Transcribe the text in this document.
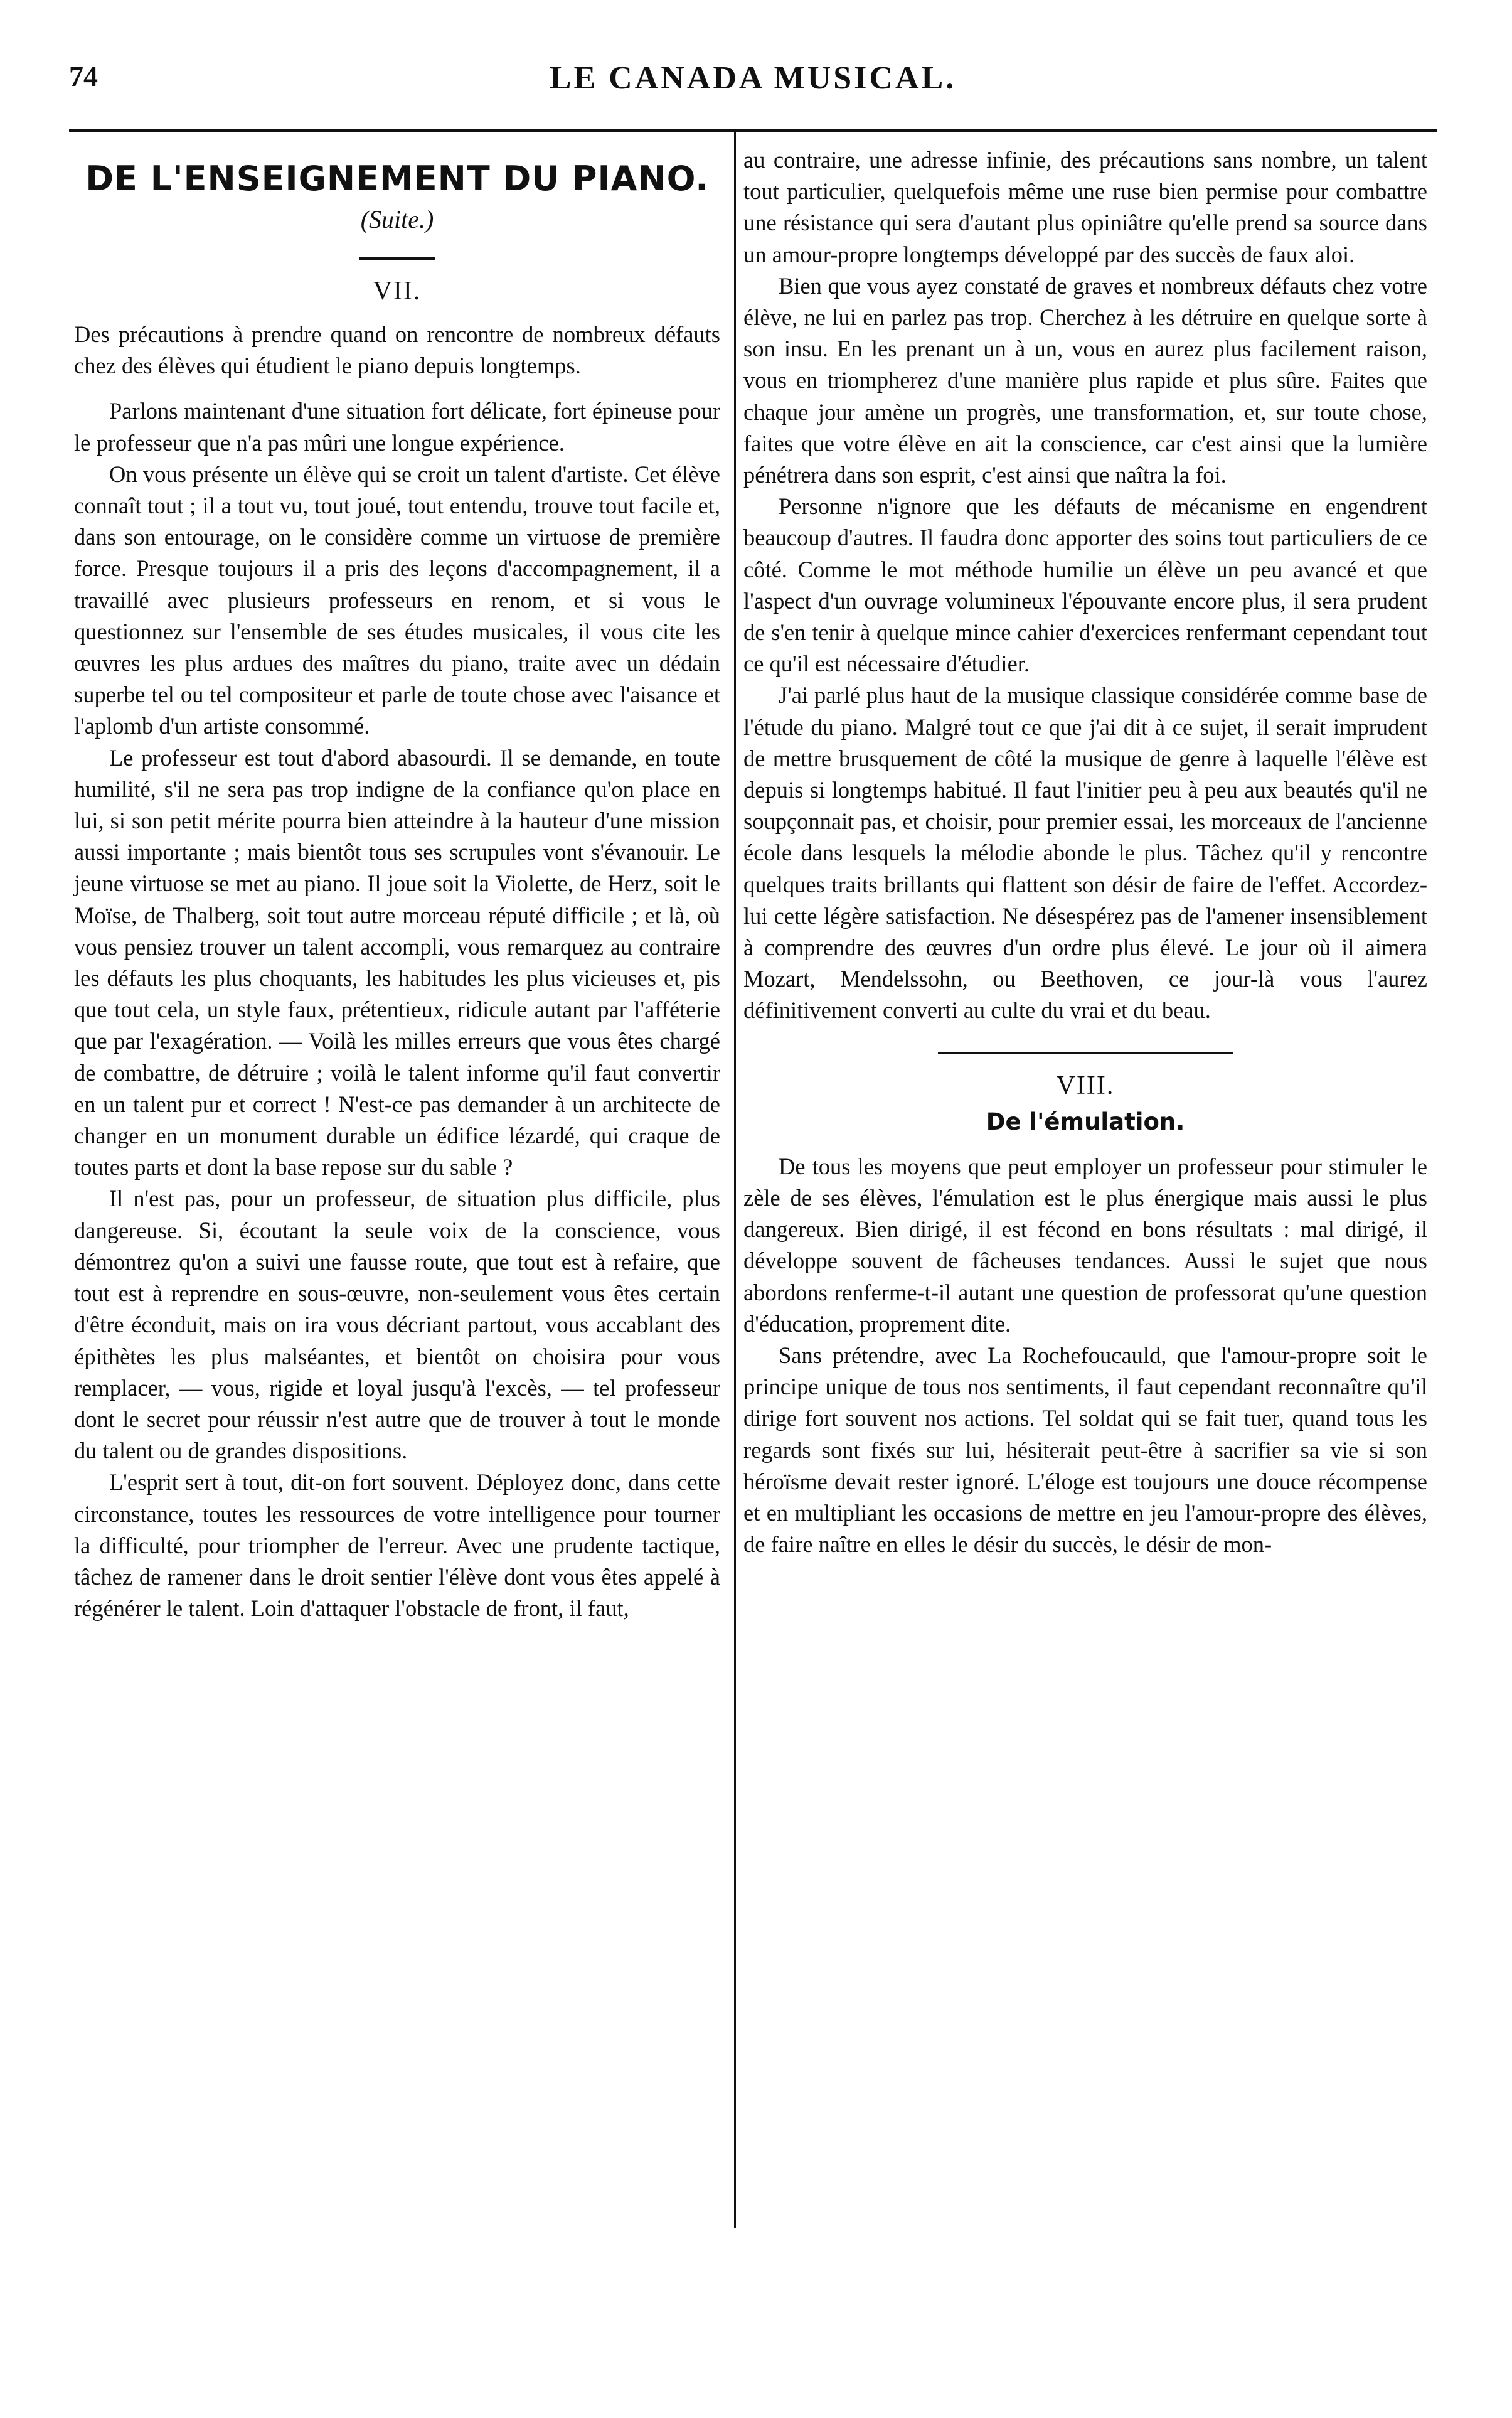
74	LE CANADA MUSICAL.
DE L'ENSEIGNEMENT DU PIANO.
(Suite.)
VII.

Des précautions à prendre quand on rencontre de nombreux défauts chez des élèves qui étudient le piano depuis longtemps.

Parlons maintenant d'une situation fort délicate, fort épineuse pour le professeur que n'a pas mûri une longue expérience.

On vous présente un élève qui se croit un talent d'artiste. Cet élève connaît tout ; il a tout vu, tout joué, tout entendu, trouve tout facile et, dans son entourage, on le considère comme un virtuose de première force. Presque toujours il a pris des leçons d'accompagnement, il a travaillé avec plusieurs professeurs en renom, et si vous le questionnez sur l'ensemble de ses études musicales, il vous cite les œuvres les plus ardues des maîtres du piano, traite avec un dédain superbe tel ou tel compositeur et parle de toute chose avec l'aisance et l'aplomb d'un artiste consommé.

Le professeur est tout d'abord abasourdi. Il se demande, en toute humilité, s'il ne sera pas trop indigne de la confiance qu'on place en lui, si son petit mérite pourra bien atteindre à la hauteur d'une mission aussi importante ; mais bientôt tous ses scrupules vont s'évanouir. Le jeune virtuose se met au piano. Il joue soit la Violette, de Herz, soit le Moïse, de Thalberg, soit tout autre morceau réputé difficile ; et là, où vous pensiez trouver un talent accompli, vous remarquez au contraire les défauts les plus choquants, les habitudes les plus vicieuses et, pis que tout cela, un style faux, prétentieux, ridicule autant par l'afféterie que par l'exagération. — Voilà les milles erreurs que vous êtes chargé de combattre, de détruire ; voilà le talent informe qu'il faut convertir en un talent pur et correct ! N'est-ce pas demander à un architecte de changer en un monument durable un édifice lézardé, qui craque de toutes parts et dont la base repose sur du sable ?

Il n'est pas, pour un professeur, de situation plus difficile, plus dangereuse. Si, écoutant la seule voix de la conscience, vous démontrez qu'on a suivi une fausse route, que tout est à refaire, que tout est à reprendre en sous-œuvre, non-seulement vous êtes certain d'être éconduit, mais on ira vous décriant partout, vous accablant des épithètes les plus malséantes, et bientôt on choisira pour vous remplacer, — vous, rigide et loyal jusqu'à l'excès, — tel professeur dont le secret pour réussir n'est autre que de trouver à tout le monde du talent ou de grandes dispositions.

L'esprit sert à tout, dit-on fort souvent. Déployez donc, dans cette circonstance, toutes les ressources de votre intelligence pour tourner la difficulté, pour triompher de l'erreur. Avec une prudente tactique, tâchez de ramener dans le droit sentier l'élève dont vous êtes appelé à régénérer le talent. Loin d'attaquer l'obstacle de front, il faut,

au contraire, une adresse infinie, des précautions sans nombre, un talent tout particulier, quelquefois même une ruse bien permise pour combattre une résistance qui sera d'autant plus opiniâtre qu'elle prend sa source dans un amour-propre longtemps développé par des succès de faux aloi.

Bien que vous ayez constaté de graves et nombreux défauts chez votre élève, ne lui en parlez pas trop. Cherchez à les détruire en quelque sorte à son insu. En les prenant un à un, vous en aurez plus facilement raison, vous en triompherez d'une manière plus rapide et plus sûre. Faites que chaque jour amène un progrès, une transformation, et, sur toute chose, faites que votre élève en ait la conscience, car c'est ainsi que la lumière pénétrera dans son esprit, c'est ainsi que naîtra la foi.

Personne n'ignore que les défauts de mécanisme en engendrent beaucoup d'autres. Il faudra donc apporter des soins tout particuliers de ce côté. Comme le mot méthode humilie un élève un peu avancé et que l'aspect d'un ouvrage volumineux l'épouvante encore plus, il sera prudent de s'en tenir à quelque mince cahier d'exercices renfermant cependant tout ce qu'il est nécessaire d'étudier.

J'ai parlé plus haut de la musique classique considérée comme base de l'étude du piano. Malgré tout ce que j'ai dit à ce sujet, il serait imprudent de mettre brusquement de côté la musique de genre à laquelle l'élève est depuis si longtemps habitué. Il faut l'initier peu à peu aux beautés qu'il ne soupçonnait pas, et choisir, pour premier essai, les morceaux de l'ancienne école dans lesquels la mélodie abonde le plus. Tâchez qu'il y rencontre quelques traits brillants qui flattent son désir de faire de l'effet. Accordez-lui cette légère satisfaction. Ne désespérez pas de l'amener insensiblement à comprendre des œuvres d'un ordre plus élevé. Le jour où il aimera Mozart, Mendelssohn, ou Beethoven, ce jour-là vous l'aurez définitivement converti au culte du vrai et du beau.

VIII.
De l'émulation.

De tous les moyens que peut employer un professeur pour stimuler le zèle de ses élèves, l'émulation est le plus énergique mais aussi le plus dangereux. Bien dirigé, il est fécond en bons résultats : mal dirigé, il développe souvent de fâcheuses tendances. Aussi le sujet que nous abordons renferme-t-il autant une question de professorat qu'une question d'éducation, proprement dite.

Sans prétendre, avec La Rochefoucauld, que l'amour-propre soit le principe unique de tous nos sentiments, il faut cependant reconnaître qu'il dirige fort souvent nos actions. Tel soldat qui se fait tuer, quand tous les regards sont fixés sur lui, hésiterait peut-être à sacrifier sa vie si son héroïsme devait rester ignoré. L'éloge est toujours une douce récompense et en multipliant les occasions de mettre en jeu l'amour-propre des élèves, de faire naître en elles le désir du succès, le désir de mon-
